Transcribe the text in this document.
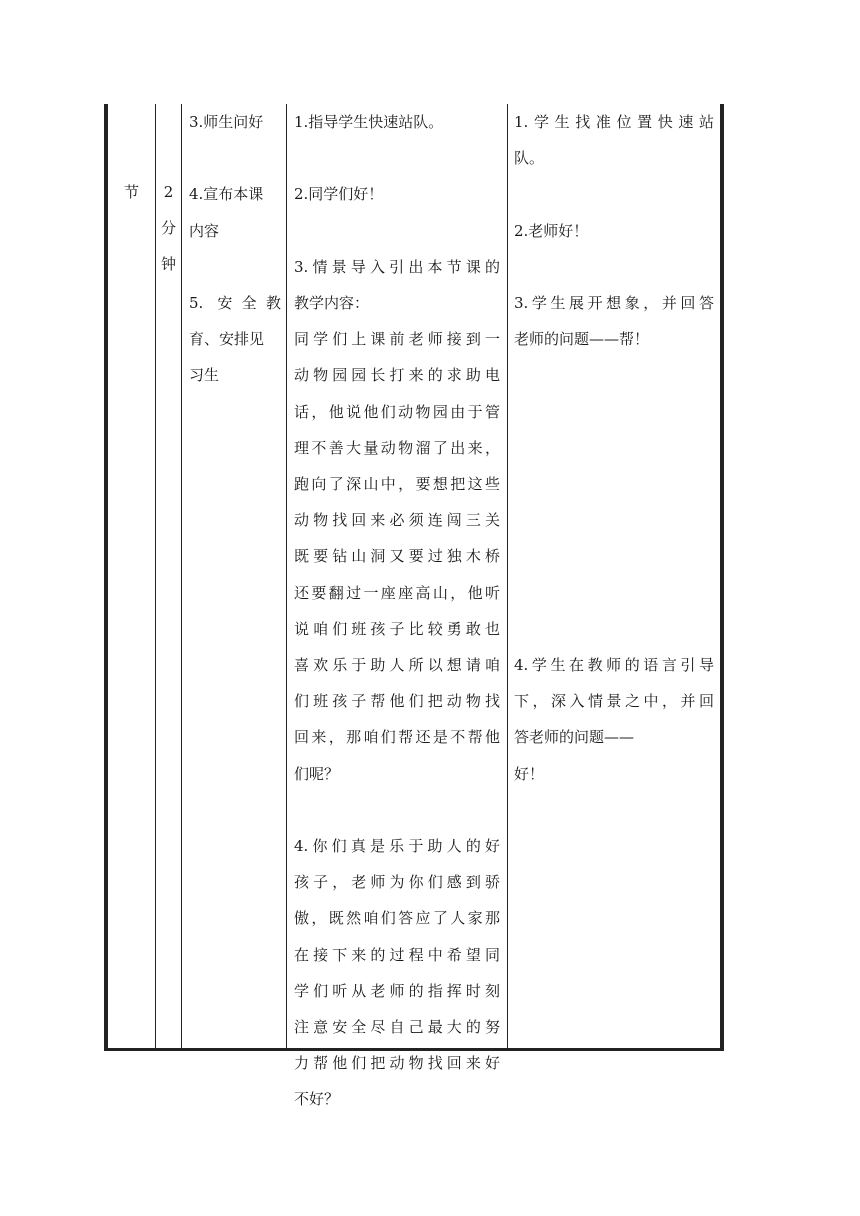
节	2

分

钟

3.师生问好

4.宣布本课

内容

5. 安全教

育、安排见

习生

1.指导学生快速站队。

2.同学们好！

3.情景导入引出本节课的

教学内容：

同学们上课前老师接到一

动物园园长打来的求助电

话，他说他们动物园由于管

理不善大量动物溜了出来，

跑向了深山中，要想把这些

动物找回来必须连闯三关

既要钻山洞又要过独木桥

还要翻过一座座高山，他听

说咱们班孩子比较勇敢也

喜欢乐于助人所以想请咱

们班孩子帮他们把动物找

回来，那咱们帮还是不帮他

们呢？

4.你们真是乐于助人的好

孩子，老师为你们感到骄

傲，既然咱们答应了人家那

在接下来的过程中希望同

学们听从老师的指挥时刻

注意安全尽自己最大的努

力帮他们把动物找回来好

不好？

1.学生找准位置快速站

队。

2.老师好！

3.学生展开想象，并回答

老师的问题——帮！

4.学生在教师的语言引导

下，深入情景之中，并回

答老师的问题——

好！
